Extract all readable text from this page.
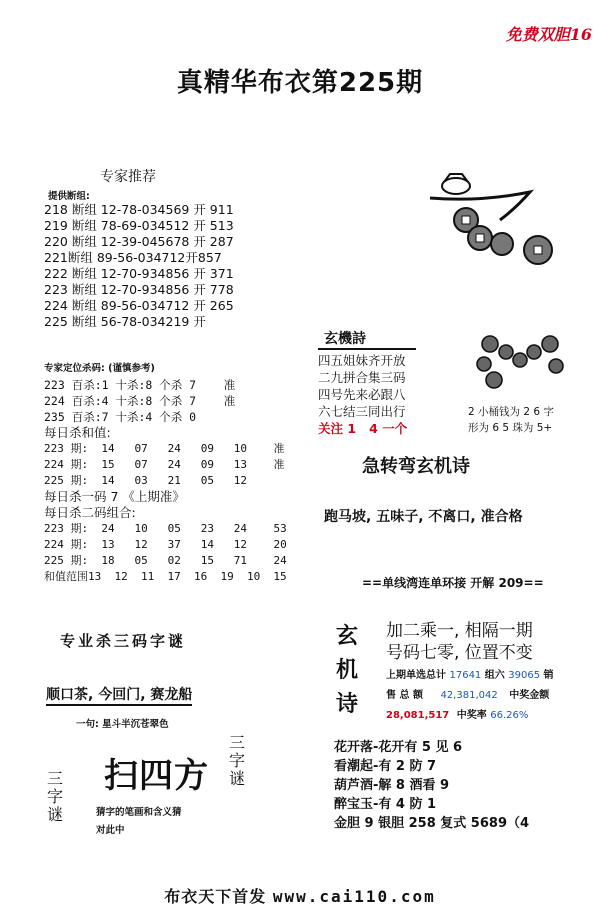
免费双胆16
真精华布衣第225期
专家推荐
提供断组:
218 断组 12-78-034569 开 911
219 断组 78-69-034512 开 513
220 断组 12-39-045678 开 287
221断组 89-56-034712开857
222 断组 12-70-934856 开 371
223 断组 12-70-934856 开 778
224 断组 89-56-034712 开 265
225 断组 56-78-034219 开
专家定位杀码: (谨慎参考)
223 百杀:1 十杀:8 个杀 7    准
224 百杀:4 十杀:8 个杀 7    准
235 百杀:7 十杀:4 个杀 0
每日杀和值:
223 期:  14   07   24   09   10    准
224 期:  15   07   24   09   13    准
225 期:  14   03   21   05   12
每日杀一码 7 《上期准》
每日杀二码组合:
223 期:  24   10   05   23   24    53
224 期:  13   12   37   14   12    20
225 期:  18   05   02   15   71    24
和值范围13  12  11  17  16  19  10  15
玄機詩
四五姐妹齐开放
二九拼合集三码
四号先来必跟八
六七结三同出行
关注 1   4 一个
2 小桶钱为 2 6 字
形为 6 5 珠为 5+
急转弯玄机诗
跑马坡, 五味子, 不离口, 准合格
==单线湾连单环接 开解 209==
玄
机
诗
加二乘一, 相隔一期
号码七零, 位置不变
上期单选总计 17641 组六 39065 销
售 总 额 42,381,042 中奖金额
28,081,517 中奖率 66.26%
专业杀三码字谜
顺口茶, 今回门, 赛龙船
一句: 星斗半沉苍翠色
三
字
谜
扫四方
三
字
谜
猜字的笔画和含义猜
对此中
花开落-花开有 5 见 6
看潮起-有 2 防 7
葫芦酒-解 8 酒看 9
醉宝玉-有 4 防 1
金胆 9 银胆 258 复式 5689（4
布衣天下首发 www.cai110.com
